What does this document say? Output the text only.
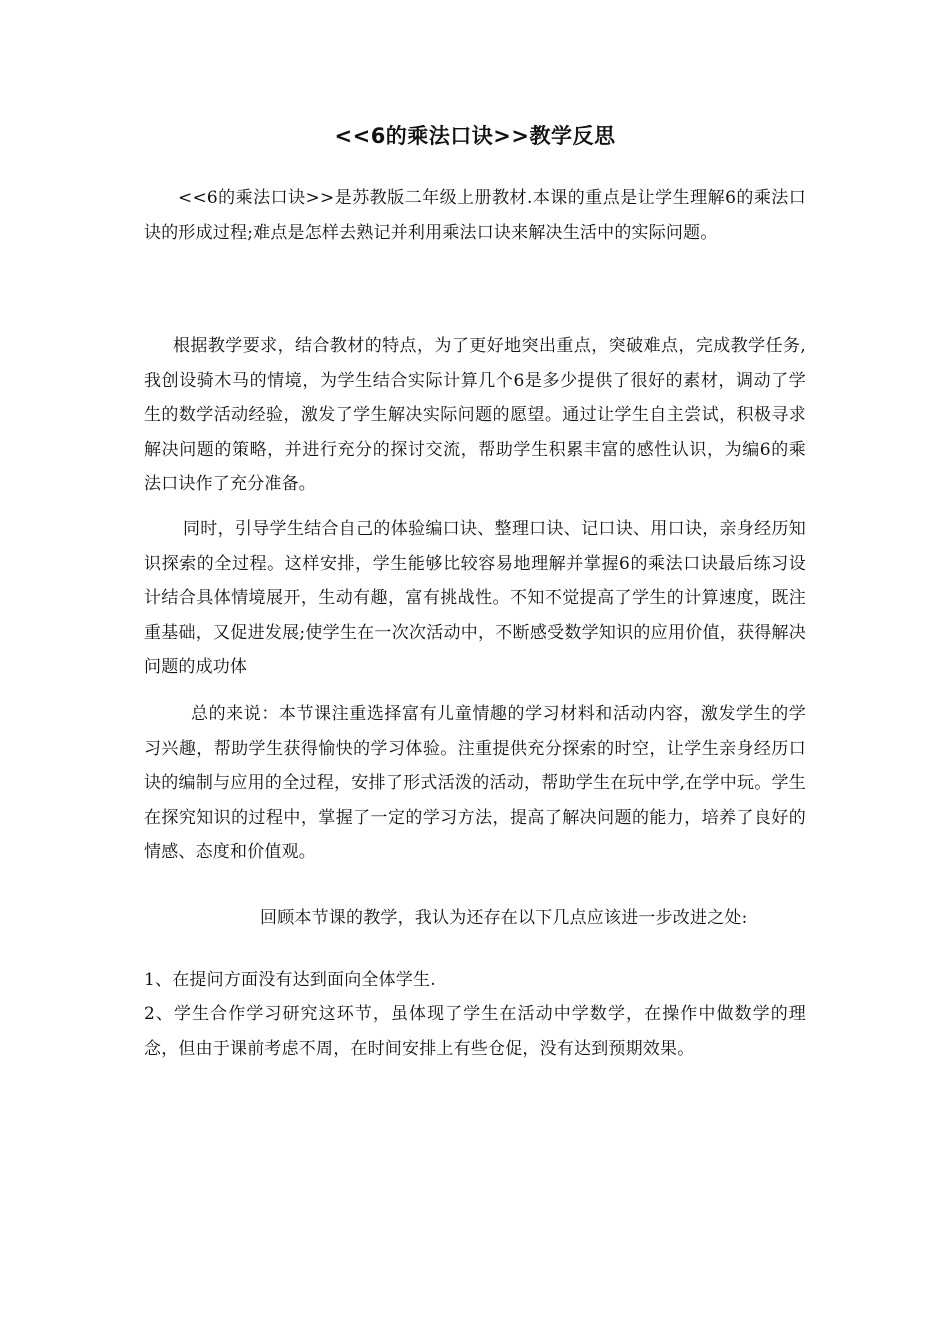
<<6的乘法口诀>>教学反思

<<6的乘法口诀>>是苏教版二年级上册教材.本课的重点是让学生理解6的乘法口诀的形成过程;难点是怎样去熟记并利用乘法口诀来解决生活中的实际问题。

根据教学要求，结合教材的特点，为了更好地突出重点，突破难点，完成教学任务,我创设骑木马的情境，为学生结合实际计算几个6是多少提供了很好的素材，调动了学生的数学活动经验，激发了学生解决实际问题的愿望。通过让学生自主尝试，积极寻求解决问题的策略，并进行充分的探讨交流，帮助学生积累丰富的感性认识，为编6的乘法口诀作了充分准备。

同时，引导学生结合自己的体验编口诀、整理口诀、记口诀、用口诀，亲身经历知识探索的全过程。这样安排，学生能够比较容易地理解并掌握6的乘法口诀最后练习设计结合具体情境展开，生动有趣，富有挑战性。不知不觉提高了学生的计算速度，既注重基础，又促进发展;使学生在一次次活动中，不断感受数学知识的应用价值，获得解决问题的成功体

总的来说：本节课注重选择富有儿童情趣的学习材料和活动内容，激发学生的学习兴趣，帮助学生获得愉快的学习体验。注重提供充分探索的时空，让学生亲身经历口诀的编制与应用的全过程，安排了形式活泼的活动，帮助学生在玩中学,在学中玩。学生在探究知识的过程中，掌握了一定的学习方法，提高了解决问题的能力，培养了良好的情感、态度和价值观。

回顾本节课的教学，我认为还存在以下几点应该进一步改进之处:

1、在提问方面没有达到面向全体学生.

2、学生合作学习研究这环节，虽体现了学生在活动中学数学，在操作中做数学的理念，但由于课前考虑不周，在时间安排上有些仓促，没有达到预期效果。
